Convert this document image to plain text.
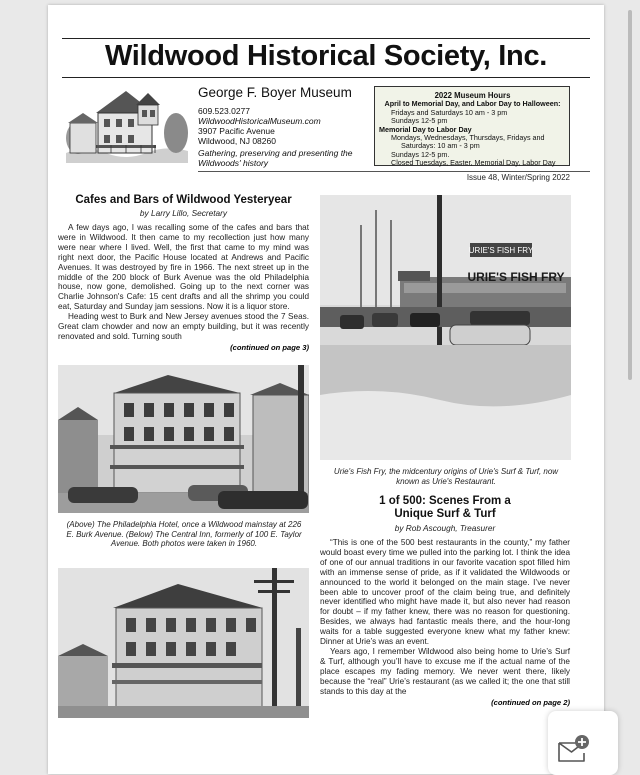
Wildwood Historical Society, Inc.
George F. Boyer Museum
609.523.0277
WildwoodHistoricalMuseum.com
3907 Pacific Avenue
Wildwood, NJ 08260
Gathering, preserving and presenting the Wildwoods' history
2022 Museum Hours
April to Memorial Day, and Labor Day to Halloween:
Fridays and Saturdays 10 am - 3 pm
Sundays 12-5 pm
Memorial Day to Labor Day
Mondays, Wednesdays, Thursdays, Fridays and
Saturdays: 10 am - 3 pm
Sundays 12-5 pm.
Closed Tuesdays, Easter, Memorial Day, Labor Day
Issue 48, Winter/Spring 2022
Cafes and Bars of Wildwood Yesteryear
by Larry Lillo, Secretary
A few days ago, I was recalling some of the cafes and bars that were in Wildwood. It then came to my recollection just how many were near where I lived. Well, the first that came to my mind was right next door, the Pacific House located at Andrews and Pacific Avenues. It was destroyed by fire in 1966. The next street up in the middle of the 200 block of Burk Avenue was the old Philadelphia house, now gone, demolished. Going up to the next corner was Charlie Johnson's Cafe: 15 cent drafts and all the shrimp you could eat, Saturday and Sunday jam sessions. Now it is a liquor store.
Heading west to Burk and New Jersey avenues stood the 7 Seas. Great clam chowder and now an empty building, but it was recently renovated and sold. Turning south
(continued on page 3)
(Above) The Philadelphia Hotel, once a Wildwood mainstay at 226 E. Burk Avenue. (Below) The Central Inn, formerly of 100 E. Taylor Avenue. Both photos were taken in 1960.
URIE'S FISH FRY
URIE'S FISH FRY
Urie's Fish Fry, the midcentury origins of Urie's Surf & Turf, now known as Urie's Restaurant.
1 of 500: Scenes From a
Unique Surf & Turf
by Rob Ascough, Treasurer
“This is one of the 500 best restaurants in the county,” my father would boast every time we pulled into the parking lot. I think the idea of one of our annual traditions in our favorite vacation spot filled him with an immense sense of pride, as if it validated the Wildwoods or announced to the world it belonged on the main stage. I’ve never been able to uncover proof of the claim being true, and definitely never identified who might have made it, but also never had reason for doubt – if my father knew, there was no reason for questioning. Besides, we always had fantastic meals there, and the hour-long waits for a table suggested everyone knew what my father knew: Dinner at Urie’s was an event.
Years ago, I remember Wildwood also being home to Urie’s Surf & Turf, although you’ll have to excuse me if the actual name of the place escapes my fading memory. We never went there, likely because the “real” Urie’s restaurant (as we called it; the one that still stands to this day at the
(continued on page 2)
